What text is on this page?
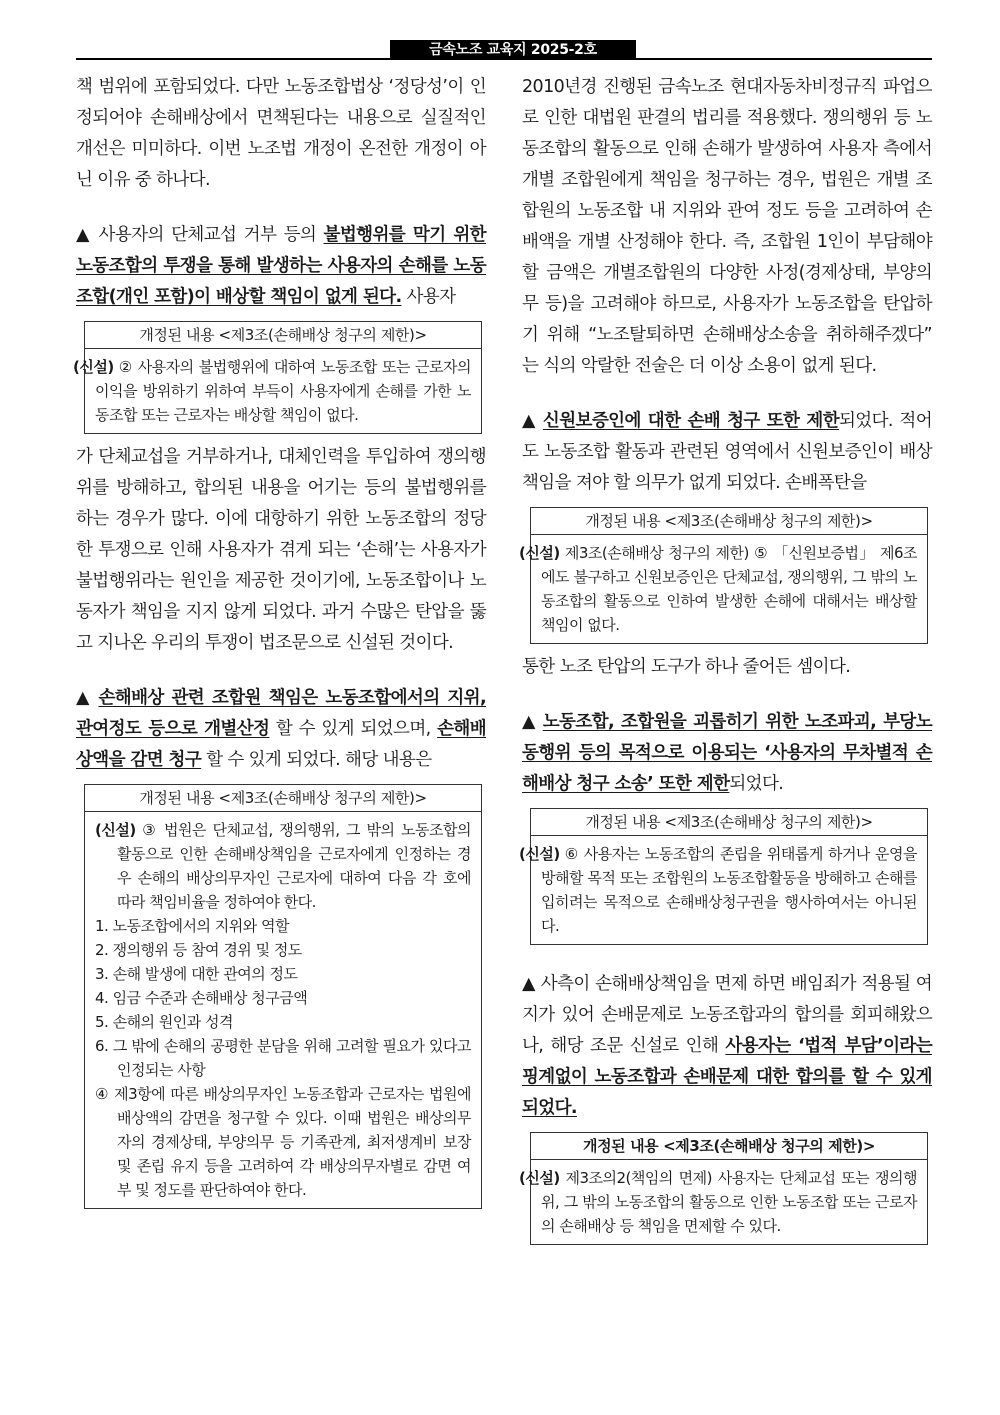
금속노조 교육지 2025-2호 (2025.9.3.)

책 범위에 포함되었다. 다만 노동조합법상 ‘정당성’이 인정되어야 손해배상에서 면책된다는 내용으로 실질적인 개선은 미미하다. 이번 노조법 개정이 온전한 개정이 아닌 이유 중 하나다.

▲ 사용자의 단체교섭 거부 등의 불법행위를 막기 위한 노동조합의 투쟁을 통해 발생하는 사용자의 손해를 노동조합(개인 포함)이 배상할 책임이 없게 된다. 사용자

개정된 내용 <제3조(손해배상 청구의 제한)>
(신설) ② 사용자의 불법행위에 대하여 노동조합 또는 근로자의 이익을 방위하기 위하여 부득이 사용자에게 손해를 가한 노동조합 또는 근로자는 배상할 책임이 없다.

가 단체교섭을 거부하거나, 대체인력을 투입하여 쟁의행위를 방해하고, 합의된 내용을 어기는 등의 불법행위를 하는 경우가 많다. 이에 대항하기 위한 노동조합의 정당한 투쟁으로 인해 사용자가 겪게 되는 ‘손해’는 사용자가 불법행위라는 원인을 제공한 것이기에, 노동조합이나 노동자가 책임을 지지 않게 되었다. 과거 수많은 탄압을 뚫고 지나온 우리의 투쟁이 법조문으로 신설된 것이다.

▲ 손해배상 관련 조합원 책임은 노동조합에서의 지위, 관여정도 등으로 개별산정 할 수 있게 되었으며, 손해배상액을 감면 청구 할 수 있게 되었다. 해당 내용은

개정된 내용 <제3조(손해배상 청구의 제한)>
(신설) ③ 법원은 단체교섭, 쟁의행위, 그 밖의 노동조합의 활동으로 인한 손해배상책임을 근로자에게 인정하는 경우 손해의 배상의무자인 근로자에 대하여 다음 각 호에 따라 책임비율을 정하여야 한다.
1. 노동조합에서의 지위와 역할
2. 쟁의행위 등 참여 경위 및 정도
3. 손해 발생에 대한 관여의 정도
4. 임금 수준과 손해배상 청구금액
5. 손해의 원인과 성격
6. 그 밖에 손해의 공평한 분담을 위해 고려할 필요가 있다고 인정되는 사항
④ 제3항에 따른 배상의무자인 노동조합과 근로자는 법원에 배상액의 감면을 청구할 수 있다. 이때 법원은 배상의무자의 경제상태, 부양의무 등 기족관계, 최저생계비 보장 및 존립 유지 등을 고려하여 각 배상의무자별로 감면 여부 및 정도를 판단하여야 한다.

2010년경 진행된 금속노조 현대자동차비정규직 파업으로 인한 대법원 판결의 법리를 적용했다. 쟁의행위 등 노동조합의 활동으로 인해 손해가 발생하여 사용자 측에서 개별 조합원에게 책임을 청구하는 경우, 법원은 개별 조합원의 노동조합 내 지위와 관여 정도 등을 고려하여 손배액을 개별 산정해야 한다. 즉, 조합원 1인이 부담해야 할 금액은 개별조합원의 다양한 사정(경제상태, 부양의무 등)을 고려해야 하므로, 사용자가 노동조합을 탄압하기 위해 “노조탈퇴하면 손해배상소송을 취하해주겠다” 는 식의 악랄한 전술은 더 이상 소용이 없게 된다.

▲ 신원보증인에 대한 손배 청구 또한 제한되었다. 적어도 노동조합 활동과 관련된 영역에서 신원보증인이 배상책임을 져야 할 의무가 없게 되었다. 손배폭탄을

개정된 내용 <제3조(손해배상 청구의 제한)>
(신설) 제3조(손해배상 청구의 제한) ⑤ 「신원보증법」 제6조에도 불구하고 신원보증인은 단체교섭, 쟁의행위, 그 밖의 노동조합의 활동으로 인하여 발생한 손해에 대해서는 배상할 책임이 없다.

통한 노조 탄압의 도구가 하나 줄어든 셈이다.

▲ 노동조합, 조합원을 괴롭히기 위한 노조파괴, 부당노동행위 등의 목적으로 이용되는 ‘사용자의 무차별적 손해배상 청구 소송’ 또한 제한되었다.

개정된 내용 <제3조(손해배상 청구의 제한)>
(신설) ⑥ 사용자는 노동조합의 존립을 위태롭게 하거나 운영을 방해할 목적 또는 조합원의 노동조합활동을 방해하고 손해를 입히려는 목적으로 손해배상청구권을 행사하여서는 아니된다.

▲ 사측이 손해배상책임을 면제 하면 배임죄가 적용될 여지가 있어 손배문제로 노동조합과의 합의를 회피해왔으나, 해당 조문 신설로 인해 사용자는 ‘법적 부담’이라는 핑계없이 노동조합과 손배문제 대한 합의를 할 수 있게 되었다.

개정된 내용 <제3조(손해배상 청구의 제한)>
(신설) 제3조의2(책임의 면제) 사용자는 단체교섭 또는 쟁의행위, 그 밖의 노동조합의 활동으로 인한 노동조합 또는 근로자의 손해배상 등 책임을 면제할 수 있다.
